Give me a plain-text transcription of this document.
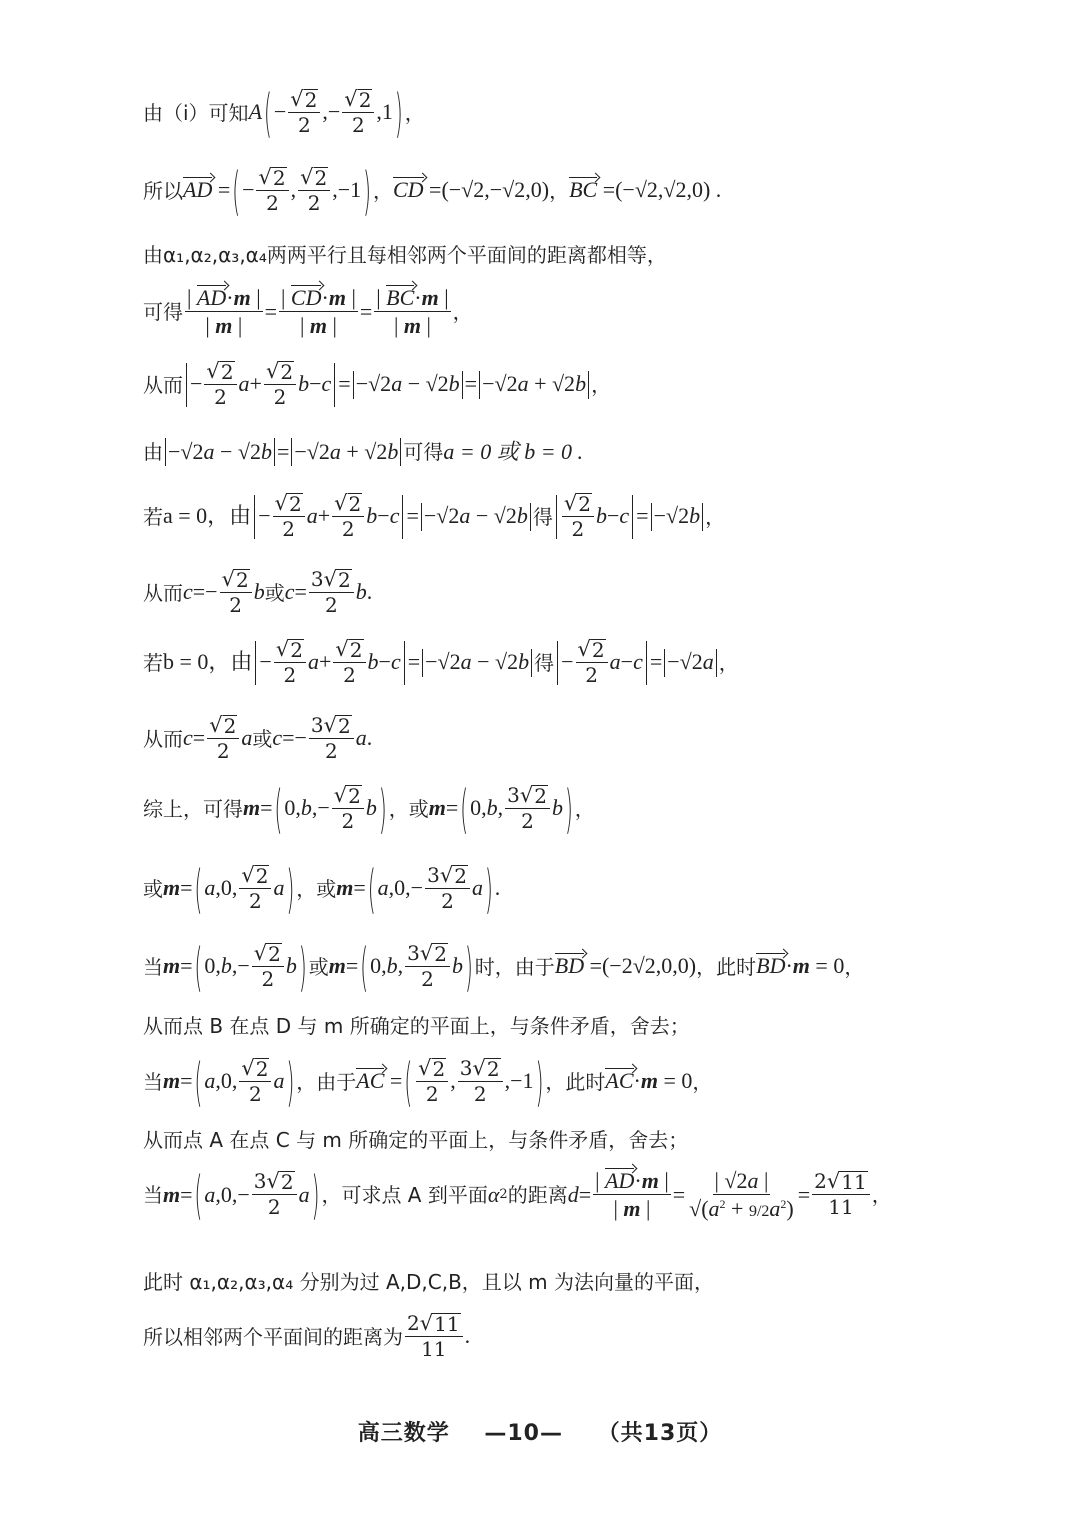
由（i）可知 A ( − $\frac{√ 2}{2}$ ,− $\frac{√ 2}{2} ,1$ ) ，
所以 AD = ( − $\frac{√ 2}{2}$ , $\frac{√ 2}{2} ,-1$ ) ， CD =(−√2,−√2,0) ， BC =(−√2,√2,0) .
由α₁,α₂,α₃,α₄两两平行且每相邻两个平面间的距离都相等，
可得 $\frac{| AD\cdot m |}{| m |} = \frac{| CD\cdot m |}{| m |} = \frac{| BC\cdot m |}{| m |}$ ，
从而 − $\frac{√ 2}{2}$ $a + \frac{√ 2}{2}$ b − c = −√2a − √2b = −√2a + √2b ，
由 −√2a − √2b = −√2a + √2b 可得 a = 0 或 b = 0 .
若 a = 0，由 − $\frac{√ 2}{2}$ $a + \frac{√ 2}{2}$ b − c = −√2a − √2b 得 $\frac{√ 2}{2}$ b − c = −√2b ，
从而 $c =- \frac{√ 2}{2}$ b 或 $c = \frac{3 √ 2}{2}$ b .
若 b = 0，由 − $\frac{√ 2}{2}$ $a + \frac{√ 2}{2}$ b − c = −√2a − √2b 得 − $\frac{√ 2}{2}$ a − c = −√2a ，
从而 $c = \frac{√ 2}{2}$ a 或 $c =- \frac{3 √ 2}{2}$ a .
综上，可得 m = ( $0,b,- \frac{√ 2}{2}$ b ) ，或 m = ( 0,b, $\frac{3 √ 2}{2}$ b ) ，
或 m = ( a,0, $\frac{√ 2}{2}$ a ) ，或 m = ( $a,0,- \frac{3 √ 2}{2}$ a ) .
当 m = ( $0,b,- \frac{√ 2}{2}$ b ) 或 m = ( 0,b, $\frac{3 √ 2}{2}$ b ) 时，由于 BD =(−2√2,0,0) ，此时 BD ·m = 0 ，
从而点 B 在点 D 与 m 所确定的平面上，与条件矛盾，舍去；
当 m = ( a,0, $\frac{√ 2}{2}$ a ) ，由于 AC = ( $\frac{√ 2}{2}$ , $\frac{3 √ 2}{2} ,-1$ ) ，此时 AC ·m = 0 ，
从而点 A 在点 C 与 m 所确定的平面上，与条件矛盾，舍去；
当 m = ( $a,0,- \frac{3 √ 2}{2}$ a ) ，可求点 A 到平面 α 2 的距离 $d = \frac{| AD\cdot m |}{| m |} = \frac{| √2a |}{√(a^2 + 9/2a^2)} = \frac{2 √ 11}{11}$ ，
此时 α₁,α₂,α₃,α₄ 分别为过 A,D,C,B，且以 m 为法向量的平面，
所以相邻两个平面间的距离为 $\frac{2 √ 11}{11}$ .
高三数学 —10— （共13页）
